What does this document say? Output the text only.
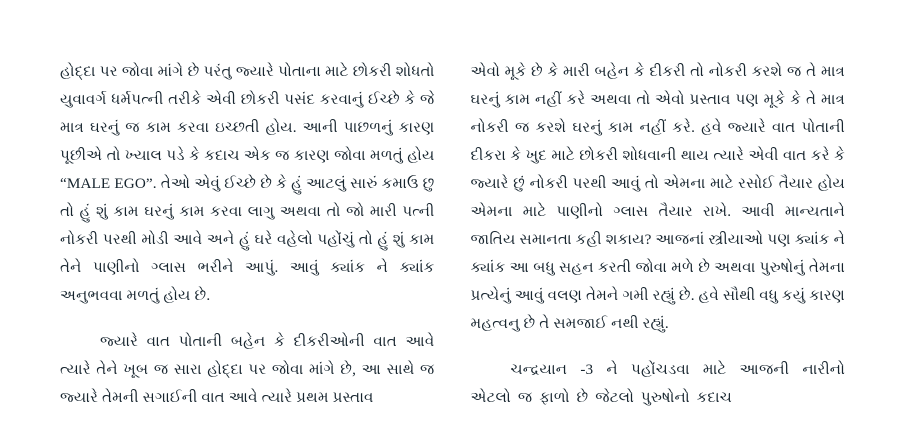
હોદ્દા પર જોવા માંગે છે પરંતુ જ્યારે પોતાના માટે છોકરી શોધતો યુવાવર્ગ ધર્મપત્ની તરીકે એવી છોકરી પસંદ કરવાનું ઈચ્છે કે જે માત્ર ઘરનું જ કામ કરવા ઇચ્છતી હોય. આની પાછળનું કારણ પૂછીએ તો ખ્યાલ પડે કે કદાચ એક જ કારણ જોવા મળતું હોય “MALE EGO”. તેઓ એવું ઈચ્છે છે કે હું આટલું સારું કમાઉ છુ તો હું શું કામ ઘરનું કામ કરવા લાગુ અથવા તો જો મારી પત્ની નોકરી પરથી મોડી આવે અને હું ઘરે વહેલો પહોંચું તો હું શું કામ તેને પાણીનો ગ્લાસ ભરીને આપું. આવું ક્યાંક ને ક્યાંક અનુભવવા મળતું હોય છે.

જ્યારે વાત પોતાની બહેન કે દીકરીઓની વાત આવે ત્યારે તેને ખૂબ જ સારા હોદ્દા પર જોવા માંગે છે, આ સાથે જ જ્યારે તેમની સગાઈની વાત આવે ત્યારે પ્રથમ પ્રસ્તાવ

એવો મૂકે છે કે મારી બહેન કે દીકરી તો નોકરી કરશે જ તે માત્ર ઘરનું કામ નહીં કરે અથવા તો એવો પ્રસ્તાવ પણ મૂકે કે તે માત્ર નોકરી જ કરશે ઘરનું કામ નહીં કરે. હવે જ્યારે વાત પોતાની દીકરા કે ખુદ માટે છોકરી શોધવાની થાય ત્યારે એવી વાત કરે કે જ્યારે છું નોકરી પરથી આવું તો એમના માટે રસોઈ તૈયાર હોય એમના માટે પાણીનો ગ્લાસ તૈયાર રાખે. આવી માન્યતાને જાતિય સમાનતા કહી શકાય? આજનાં સ્ત્રીયાઓ પણ ક્યાંક ને ક્યાંક આ બધુ સહન કરતી જોવા મળે છે અથવા પુરુષોનું તેમના પ્રત્યેનું આવું વલણ તેમને ગમી રહ્યું છે. હવે સૌથી વધુ કયું કારણ મહત્વનુ છે તે સમજાઈ નથી રહ્યું.

ચન્દ્રયાન -3 ને પહોંચડવા માટે આજની નારીનો એટલો જ ફાળો છે જેટલો પુરુષોનો કદાચ
